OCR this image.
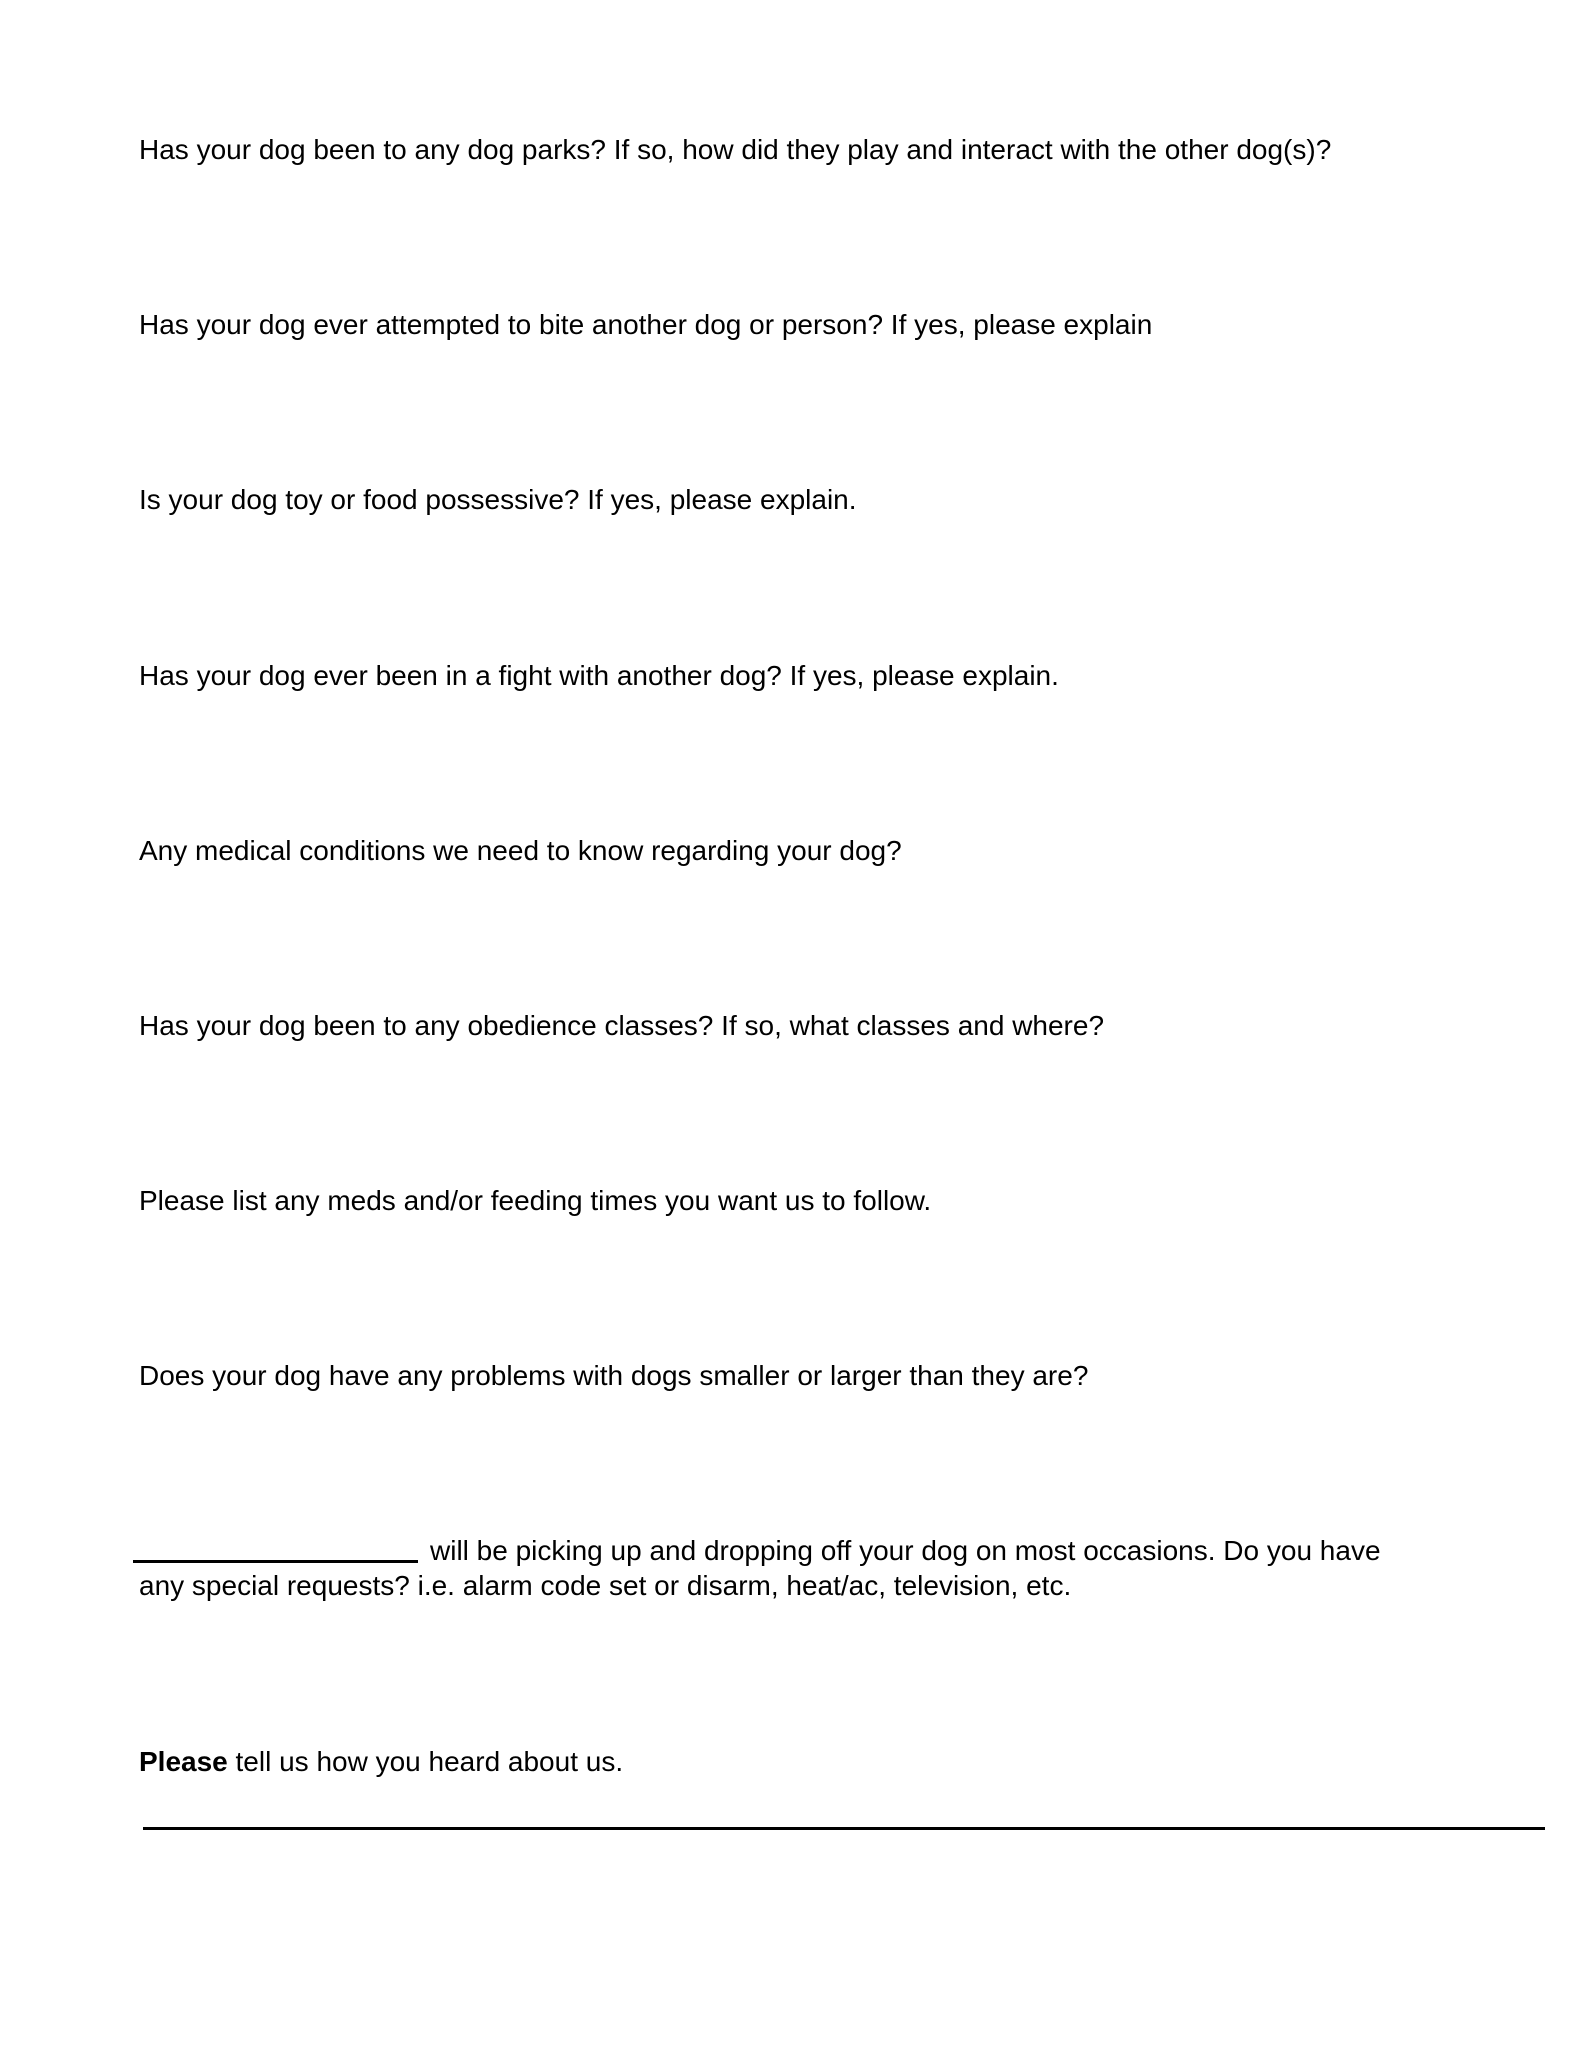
Has your dog been to any dog parks? If so, how did they play and interact with the other dog(s)?

Has your dog ever attempted to bite another dog or person? If yes, please explain

Is your dog toy or food possessive? If yes, please explain.

Has your dog ever been in a fight with another dog? If yes, please explain.

Any medical conditions we need to know regarding your dog?

Has your dog been to any obedience classes? If so, what classes and where?

Please list any meds and/or feeding times you want us to follow.

Does your dog have any problems with dogs smaller or larger than they are?

will be picking up and dropping off your dog on most occasions. Do you have
any special requests? i.e. alarm code set or disarm, heat/ac, television, etc.

Please tell us how you heard about us.
